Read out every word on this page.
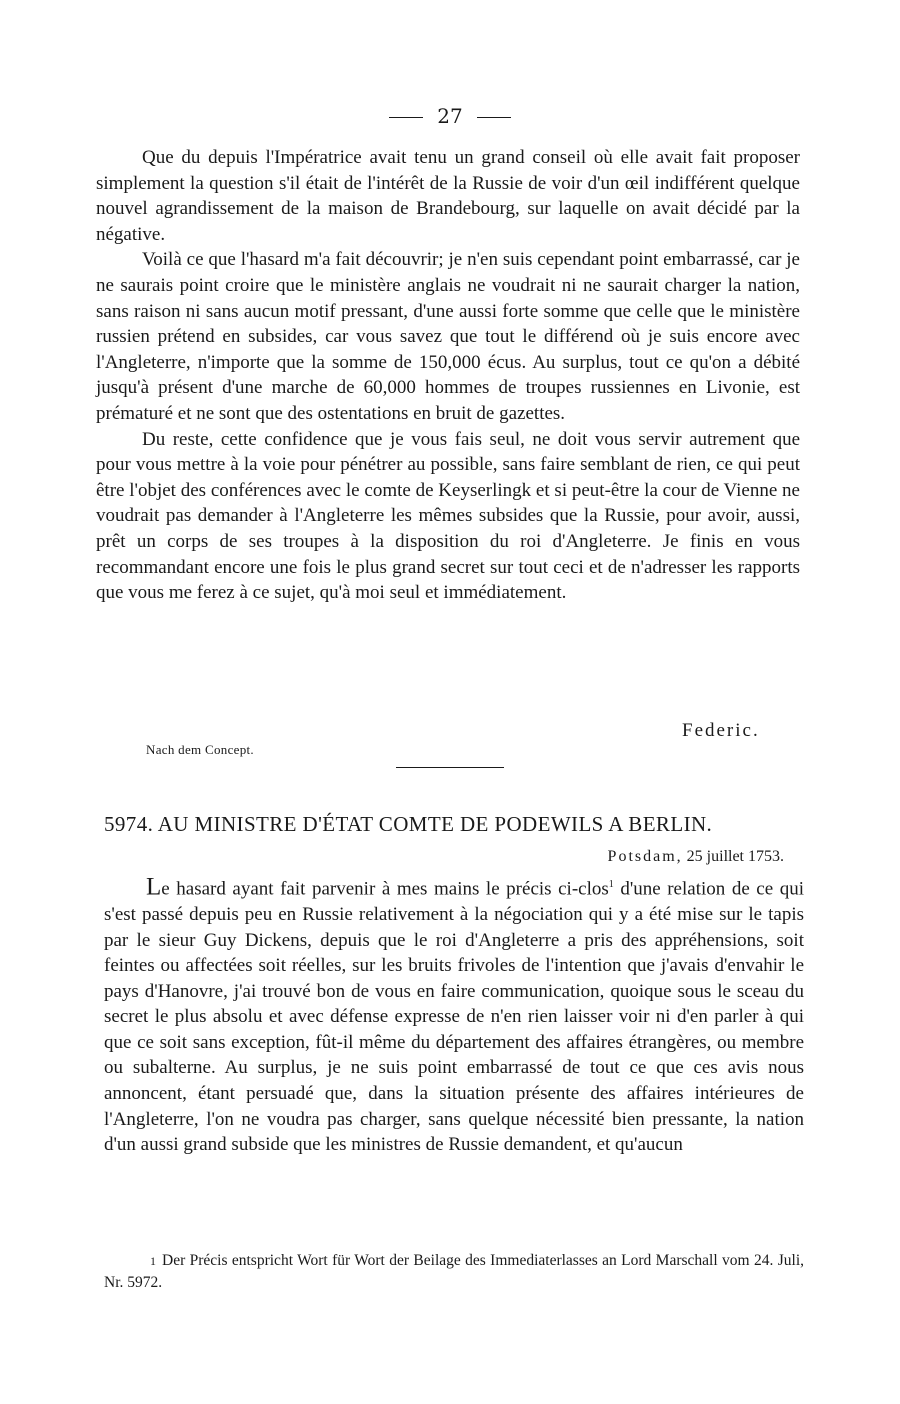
27

Que du depuis l'Impératrice avait tenu un grand conseil où elle avait fait proposer simplement la question s'il était de l'intérêt de la Russie de voir d'un œil indifférent quelque nouvel agrandissement de la maison de Brandebourg, sur laquelle on avait décidé par la négative.

Voilà ce que l'hasard m'a fait découvrir; je n'en suis cependant point embarrassé, car je ne saurais point croire que le ministère anglais ne voudrait ni ne saurait charger la nation, sans raison ni sans aucun motif pressant, d'une aussi forte somme que celle que le ministère russien prétend en subsides, car vous savez que tout le différend où je suis encore avec l'Angleterre, n'importe que la somme de 150,000 écus. Au surplus, tout ce qu'on a débité jusqu'à présent d'une marche de 60,000 hommes de troupes russiennes en Livonie, est prématuré et ne sont que des ostentations en bruit de gazettes.

Du reste, cette confidence que je vous fais seul, ne doit vous servir autrement que pour vous mettre à la voie pour pénétrer au possible, sans faire semblant de rien, ce qui peut être l'objet des conférences avec le comte de Keyserlingk et si peut-être la cour de Vienne ne voudrait pas demander à l'Angleterre les mêmes subsides que la Russie, pour avoir, aussi, prêt un corps de ses troupes à la disposition du roi d'Angleterre. Je finis en vous recommandant encore une fois le plus grand secret sur tout ceci et de n'adresser les rapports que vous me ferez à ce sujet, qu'à moi seul et immédiatement.

Federic.
Nach dem Concept.
5974. AU MINISTRE D'ÉTAT COMTE DE PODEWILS A BERLIN.
Potsdam, 25 juillet 1753.

Le hasard ayant fait parvenir à mes mains le précis ci-clos$^1$ d'une relation de ce qui s'est passé depuis peu en Russie relativement à la négociation qui y a été mise sur le tapis par le sieur Guy Dickens, depuis que le roi d'Angleterre a pris des appréhensions, soit feintes ou affectées soit réelles, sur les bruits frivoles de l'intention que j'avais d'envahir le pays d'Hanovre, j'ai trouvé bon de vous en faire communication, quoique sous le sceau du secret le plus absolu et avec défense expresse de n'en rien laisser voir ni d'en parler à qui que ce soit sans exception, fût-il même du département des affaires étrangères, ou membre ou subalterne. Au surplus, je ne suis point embarrassé de tout ce que ces avis nous annoncent, étant persuadé que, dans la situation présente des affaires intérieures de l'Angleterre, l'on ne voudra pas charger, sans quelque nécessité bien pressante, la nation d'un aussi grand subside que les ministres de Russie demandent, et qu'aucun

1 Der Précis entspricht Wort für Wort der Beilage des Immediaterlasses an Lord Marschall vom 24. Juli, Nr. 5972.
